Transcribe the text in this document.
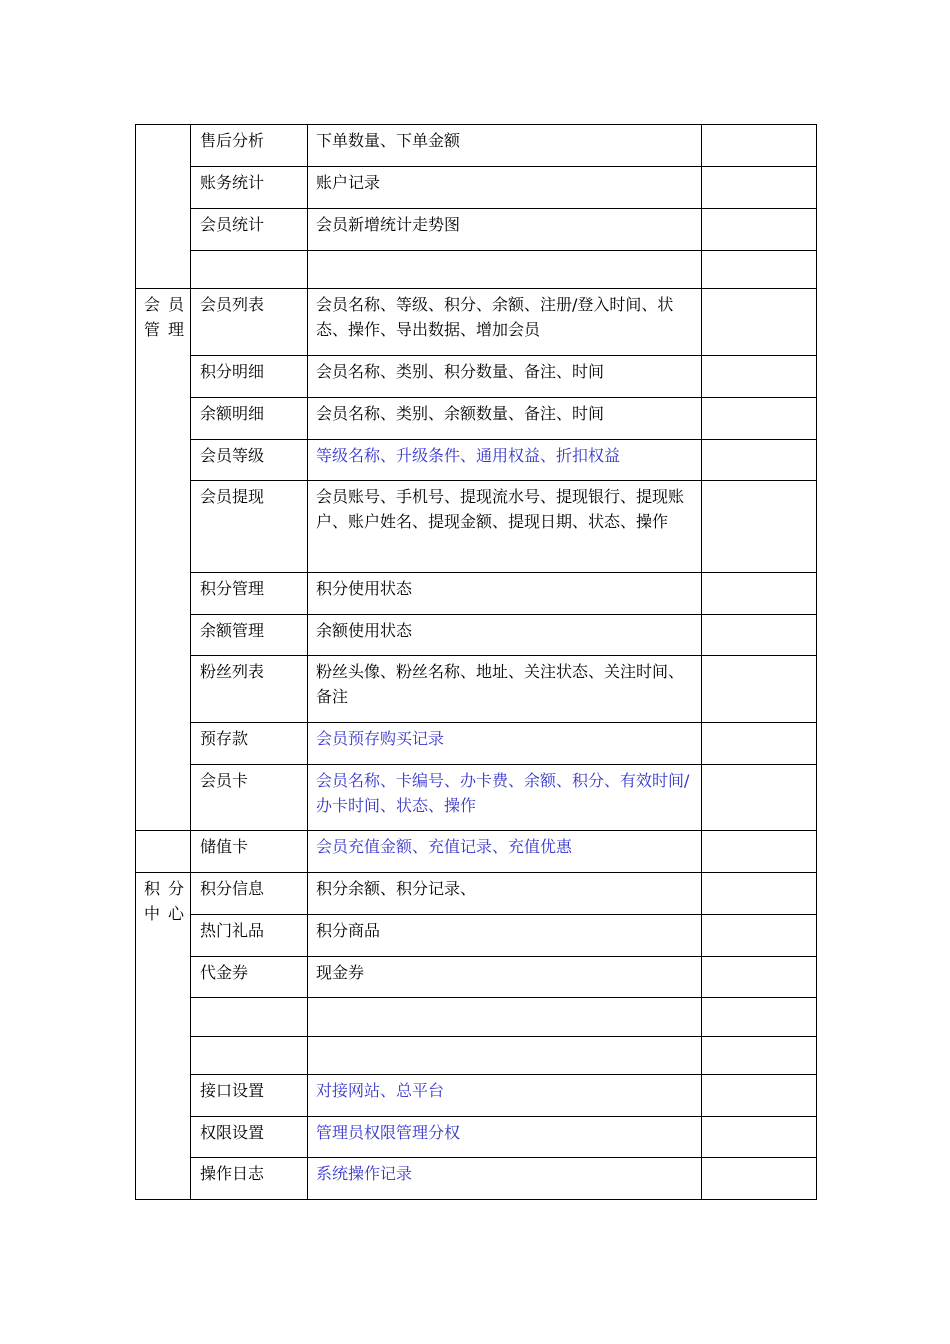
	售后分析	下单数量、下单金额	
	账务统计	账户记录	
	会员统计	会员新增统计走势图	

会员管理	会员列表	会员名称、等级、积分、余额、注册/登入时间、状态、操作、导出数据、增加会员	
	积分明细	会员名称、类别、积分数量、备注、时间	
	余额明细	会员名称、类别、余额数量、备注、时间	
	会员等级	等级名称、升级条件、通用权益、折扣权益	
	会员提现	会员账号、手机号、提现流水号、提现银行、提现账户、账户姓名、提现金额、提现日期、状态、操作	
	积分管理	积分使用状态	
	余额管理	余额使用状态	
	粉丝列表	粉丝头像、粉丝名称、地址、关注状态、关注时间、备注	
	预存款	会员预存购买记录	
	会员卡	会员名称、卡编号、办卡费、余额、积分、有效时间/办卡时间、状态、操作	
	储值卡	会员充值金额、充值记录、充值优惠	
积分中心	积分信息	积分余额、积分记录、	
	热门礼品	积分商品	
	代金券	现金券	

	接口设置	对接网站、总平台	
	权限设置	管理员权限管理分权	
	操作日志	系统操作记录	
